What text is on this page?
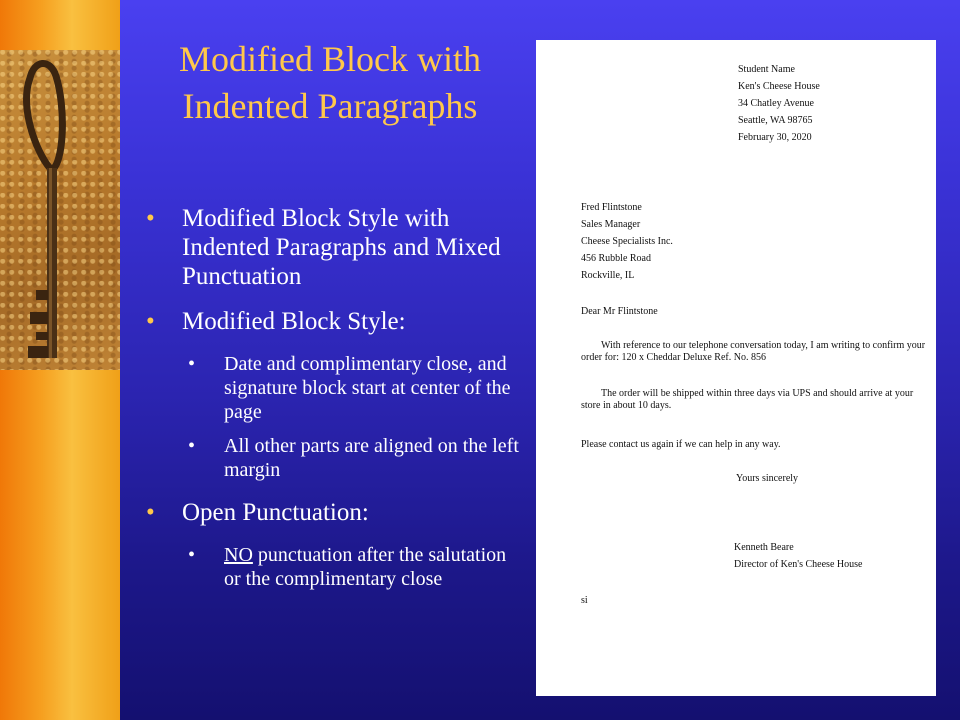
Modified Block with
Indented Paragraphs
• Modified Block Style with Indented Paragraphs and Mixed Punctuation
• Modified Block Style:
• Date and complimentary close, and signature block start at center of the page
• All other parts are aligned on the left margin
• Open Punctuation:
• NO punctuation after the salutation or the complimentary close
Student Name
Ken's Cheese House
34 Chatley Avenue
Seattle, WA 98765
February 30, 2020
Fred Flintstone
Sales Manager
Cheese Specialists Inc.
456 Rubble Road
Rockville, IL
Dear Mr Flintstone
With reference to our telephone conversation today, I am writing to confirm your order for: 120 x Cheddar Deluxe Ref. No. 856
The order will be shipped within three days via UPS and should arrive at your store in about 10 days.
Please contact us again if we can help in any way.
Yours sincerely
Kenneth Beare
Director of Ken's Cheese House
si
